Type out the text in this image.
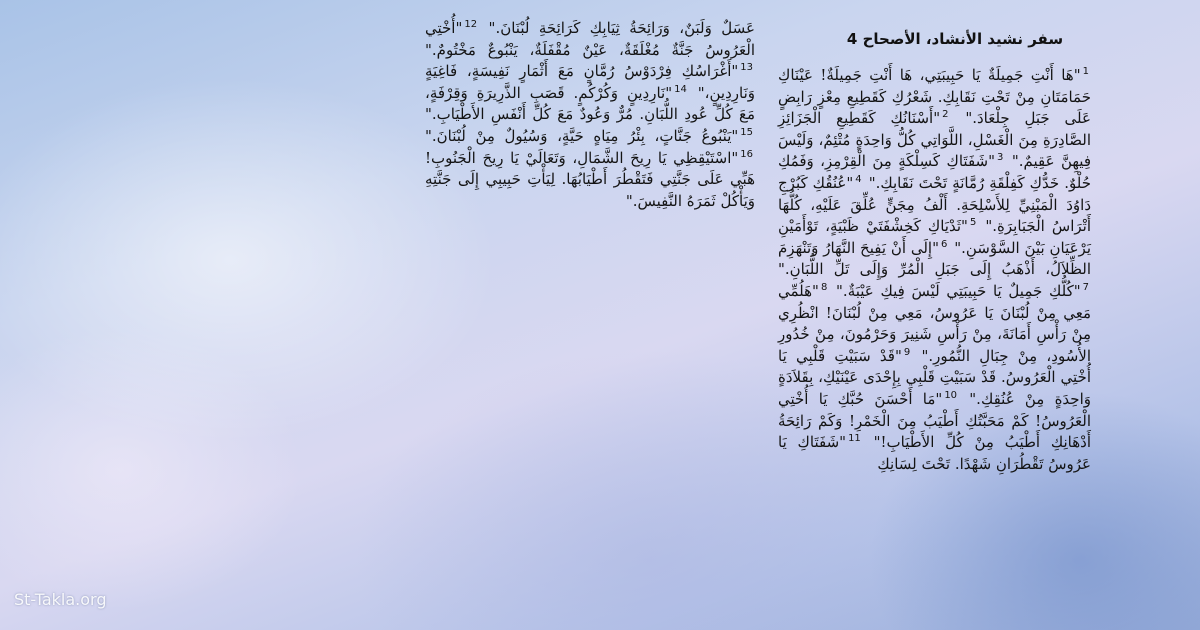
سفر نشيد الأنشاد، الأصحاح 4

$^1$"هَا أَنْتِ جَمِيلَةٌ يَا حَبِيبَتِي، هَا أَنْتِ جَمِيلَةٌ! عَيْنَاكِ حَمَامَتَانِ مِنْ تَحْتِ نَقَابِكِ. شَعْرُكِ كَقَطِيعِ مِعْزٍ رَابِضٍ عَلَى جَبَلِ جِلْعَادَ." $^2$"أَسْنَانُكِ كَقَطِيعِ الْجَزَائِزِ الصَّادِرَةِ مِنَ الْغَسْلِ، اللَّوَاتِي كُلُّ وَاحِدَةٍ مُتْئِمٌ، وَلَيْسَ فِيهِنَّ عَقِيمٌ." $^3$"شَفَتَاكِ كَسِلْكَةٍ مِنَ الْقِرْمِزِ، وَفَمُكِ حُلْوٌ. خَدُّكِ كَفِلْقَةِ رُمَّانَةٍ تَحْتَ نَقَابِكِ." $^4$"عُنُقُكِ كَبُرْجِ دَاوُدَ الْمَبْنِيِّ لِلأَسْلِحَةِ. أَلْفُ مِجَنٍّ عُلِّقَ عَلَيْهِ، كُلُّهَا أَتْرَاسُ الْجَبَابِرَةِ." $^5$"ثَدْيَاكِ كَخِشْفَتَيْ ظَبْيَةٍ، تَوْأَمَيْنِ يَرْعَيَانِ بَيْنَ السَّوْسَنِ." $^6$"إِلَى أَنْ يَفِيحَ النَّهَارُ وَتَنْهَزِمَ الظِّلاَلُ، أَذْهَبُ إِلَى جَبَلِ الْمُرِّ وَإِلَى تَلِّ اللُّبَانِ." $^7$"كُلُّكِ جَمِيلٌ يَا حَبِيبَتِي لَيْسَ فِيكِ عَيْبَةٌ." $^8$"هَلُمِّي مَعِي مِنْ لُبْنَانَ يَا عَرُوسُ، مَعِي مِنْ لُبْنَانَ! انْظُرِي مِنْ رَأْسِ أَمَانَةَ، مِنْ رَأْسِ شَنِيرَ وَحَرْمُونَ، مِنْ خُدُورِ الأُسُودِ، مِنْ جِبَالِ النُّمُورِ." $^9$"قَدْ سَبَيْتِ قَلْبِي يَا أُخْتِي الْعَرُوسُ. قَدْ سَبَيْتِ قَلْبِي بِإِحْدَى عَيْنَيْكِ، بِقَلاَدَةٍ وَاحِدَةٍ مِنْ عُنُقِكِ." $^{10}$"مَا أَحْسَنَ حُبَّكِ يَا أُخْتِي الْعَرُوسُ! كَمْ مَحَبَّتُكِ أَطْيَبُ مِنَ الْخَمْرِ! وَكَمْ رَائِحَةُ أَدْهَانِكِ أَطْيَبُ مِنْ كُلِّ الأَطْيَابِ!" $^{11}$"شَفَتَاكِ يَا عَرُوسُ تَقْطُرَانِ شَهْدًا. تَحْتَ لِسَانِكِ

عَسَلٌ وَلَبَنٌ، وَرَائِحَةُ ثِيَابِكِ كَرَائِحَةِ لُبْنَانَ." $^{12}$"أُخْتِي الْعَرُوسُ جَنَّةٌ مُغْلَقَةٌ، عَيْنٌ مُقْفَلَةٌ، يَنْبُوعٌ مَخْتُومٌ." $^{13}$"أَغْرَاسُكِ فِرْدَوْسُ رُمَّانٍ مَعَ أَثْمَارٍ نَفِيسَةٍ، فَاغِيَةٍ وَنَارِدِينٍ،" $^{14}$"نَارِدِينٍ وَكُرْكُمٍ. قَصَبِ الذَّرِيرَةِ وَقِرْفَةٍ، مَعَ كُلِّ عُودِ اللُّبَانِ. مُرٌّ وَعُودٌ مَعَ كُلِّ أَنْفَسِ الأَطْيَابِ." $^{15}$"يَنْبُوعُ جَنَّاتٍ، بِئْرُ مِيَاهٍ حَيَّةٍ، وَسُيُولٌ مِنْ لُبْنَانَ." $^{16}$"اسْتَيْقِظِي يَا رِيحَ الشَّمَالِ، وَتَعَالَيْ يَا رِيحَ الْجَنُوبِ! هَبِّي عَلَى جَنَّتِي فَتَقْطُرَ أَطْيَابُهَا. لِيَأْتِ حَبِيبِي إِلَى جَنَّتِهِ وَيَأْكُلْ ثَمَرَهُ النَّفِيسَ."

St-Takla.org
